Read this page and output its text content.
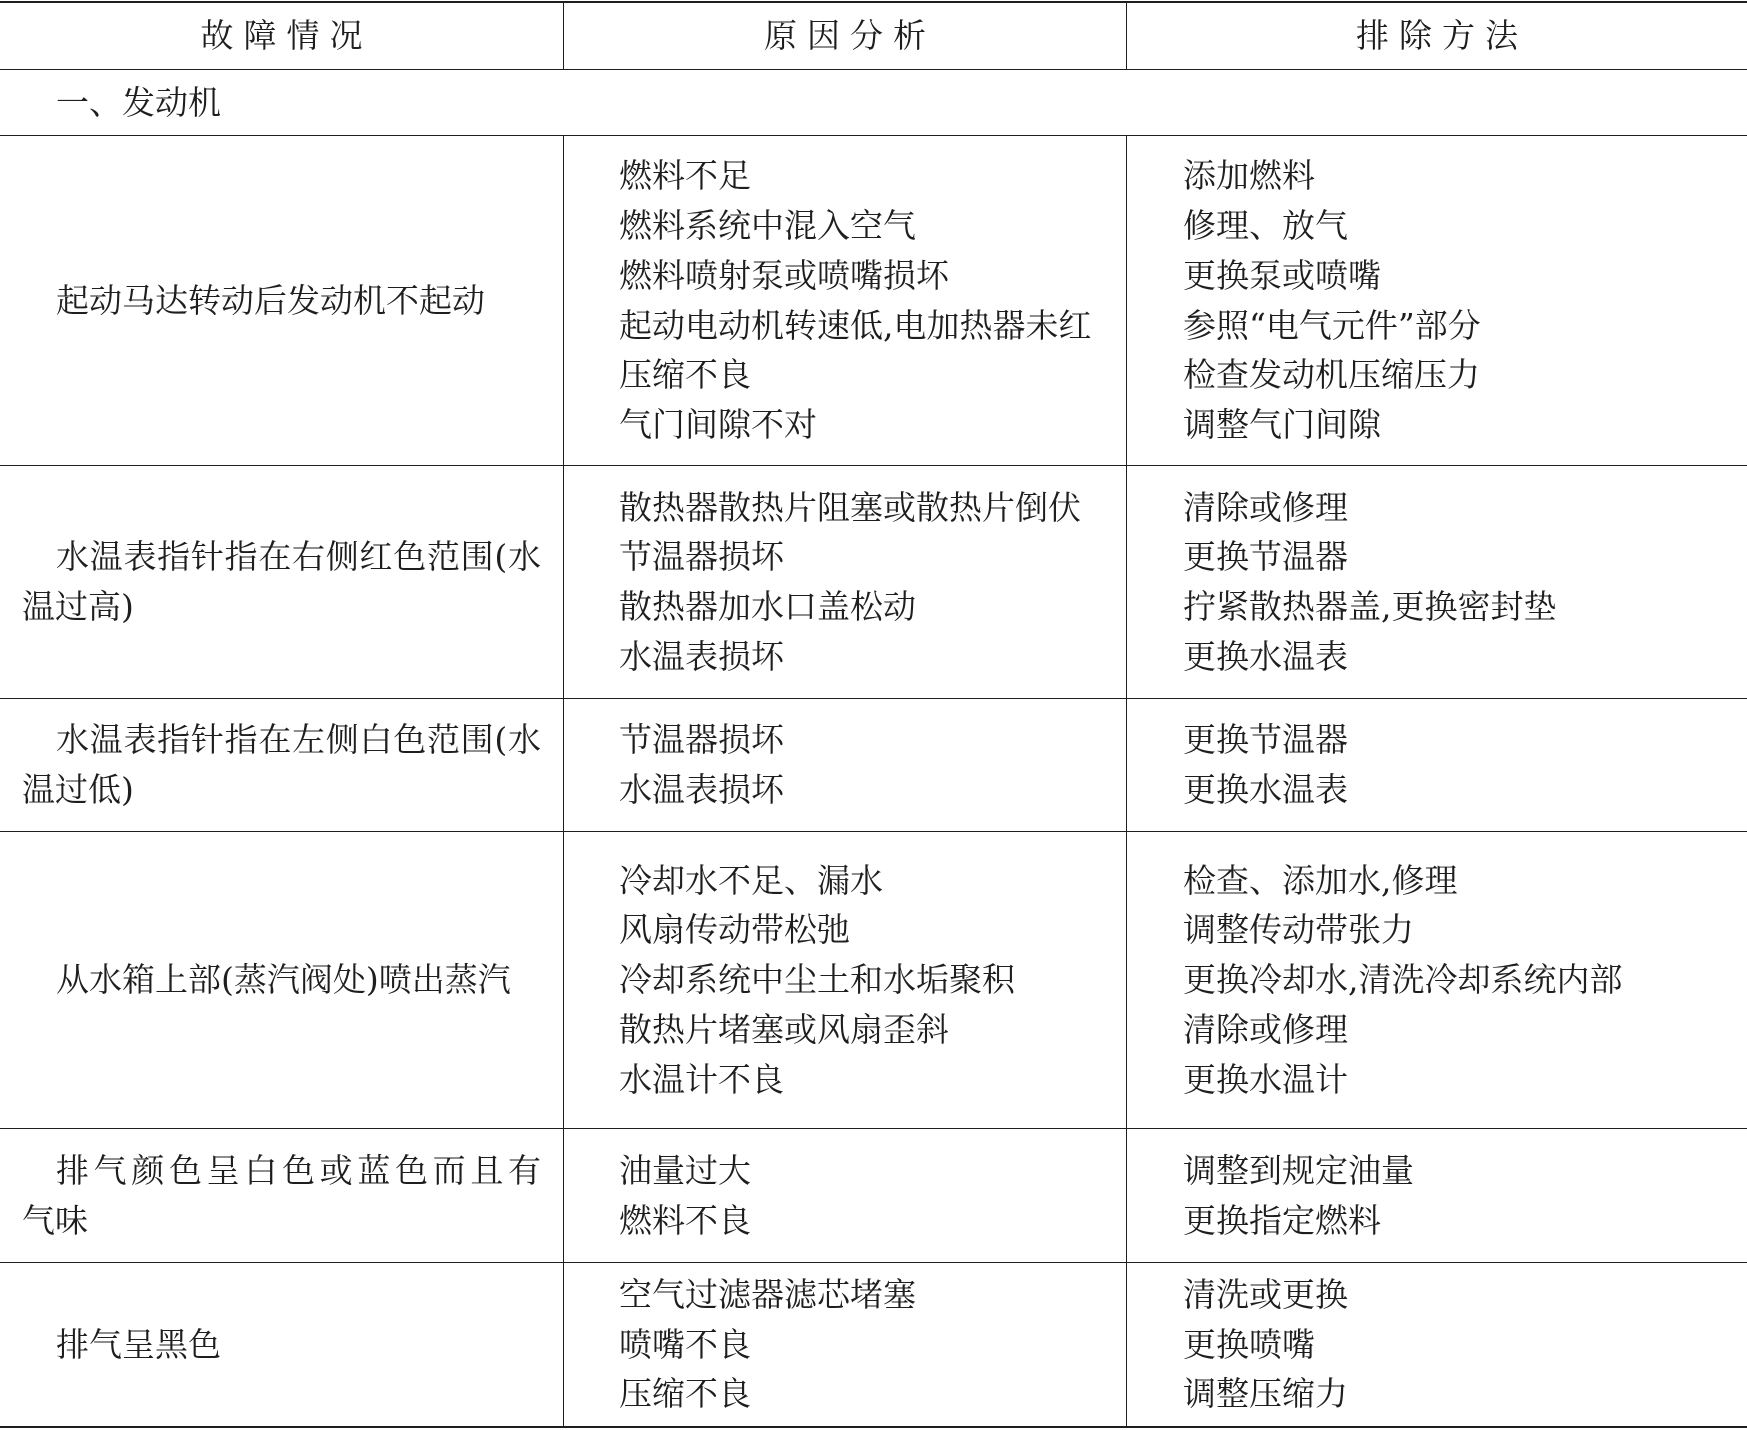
故障情况	原因分析	排除方法
一、发动机
起动马达转动后发动机不起动
燃料不足
燃料系统中混入空气
燃料喷射泵或喷嘴损坏
起动电动机转速低,电加热器未红
压缩不良
气门间隙不对
添加燃料
修理、放气
更换泵或喷嘴
参照“电气元件”部分
检查发动机压缩压力
调整气门间隙
水温表指针指在右侧红色范围(水
温过高)
散热器散热片阻塞或散热片倒伏
节温器损坏
散热器加水口盖松动
水温表损坏
清除或修理
更换节温器
拧紧散热器盖,更换密封垫
更换水温表
水温表指针指在左侧白色范围(水
温过低)
节温器损坏
水温表损坏
更换节温器
更换水温表
从水箱上部(蒸汽阀处)喷出蒸汽
冷却水不足、漏水
风扇传动带松弛
冷却系统中尘土和水垢聚积
散热片堵塞或风扇歪斜
水温计不良
检查、添加水,修理
调整传动带张力
更换冷却水,清洗冷却系统内部
清除或修理
更换水温计
排气颜色呈白色或蓝色而且有
气味
油量过大
燃料不良
调整到规定油量
更换指定燃料
排气呈黑色
空气过滤器滤芯堵塞
喷嘴不良
压缩不良
清洗或更换
更换喷嘴
调整压缩力
